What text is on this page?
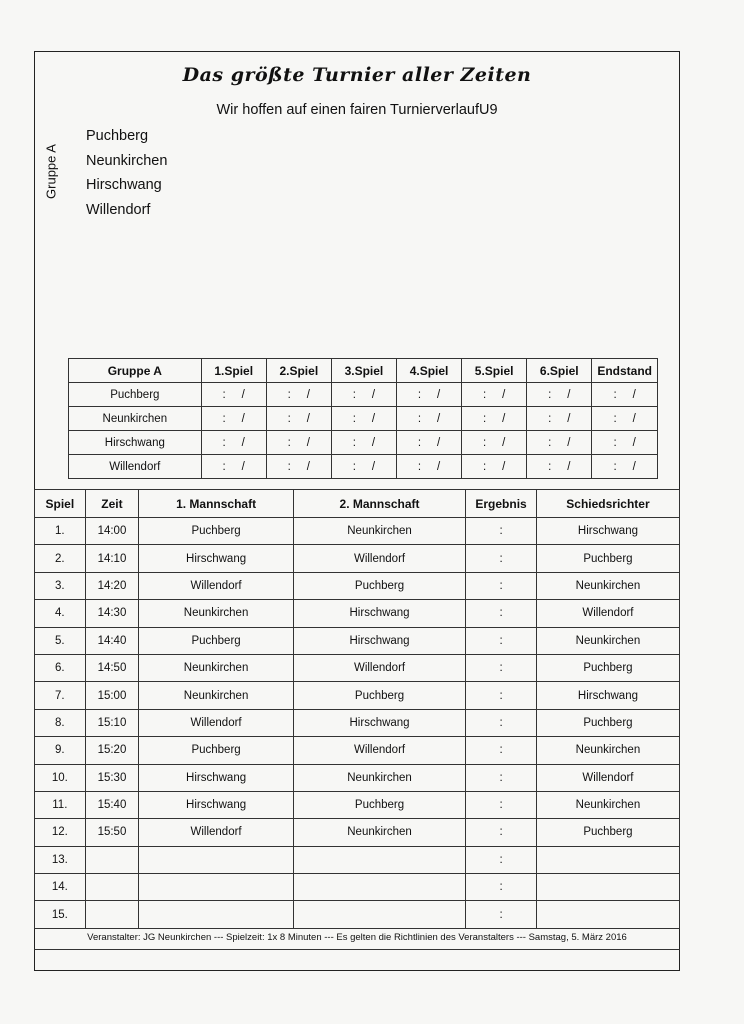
Das größte Turnier aller Zeiten
Wir hoffen auf einen fairen TurnierverlaufU9
Gruppe A
Puchberg
Neunkirchen
Hirschwang
Willendorf
Gruppe A	1.Spiel	2.Spiel	3.Spiel	4.Spiel	5.Spiel	6.Spiel	Endstand
Puchberg	:     /	:     /	:     /	:     /	:     /	:     /	:     /
Neunkirchen	:     /	:     /	:     /	:     /	:     /	:     /	:     /
Hirschwang	:     /	:     /	:     /	:     /	:     /	:     /	:     /
Willendorf	:     /	:     /	:     /	:     /	:     /	:     /	:     /
Spiel	Zeit	1. Mannschaft	2. Mannschaft	Ergebnis	Schiedsrichter
1.	14:00	Puchberg	Neunkirchen	:	Hirschwang
2.	14:10	Hirschwang	Willendorf	:	Puchberg
3.	14:20	Willendorf	Puchberg	:	Neunkirchen
4.	14:30	Neunkirchen	Hirschwang	:	Willendorf
5.	14:40	Puchberg	Hirschwang	:	Neunkirchen
6.	14:50	Neunkirchen	Willendorf	:	Puchberg
7.	15:00	Neunkirchen	Puchberg	:	Hirschwang
8.	15:10	Willendorf	Hirschwang	:	Puchberg
9.	15:20	Puchberg	Willendorf	:	Neunkirchen
10.	15:30	Hirschwang	Neunkirchen	:	Willendorf
11.	15:40	Hirschwang	Puchberg	:	Neunkirchen
12.	15:50	Willendorf	Neunkirchen	:	Puchberg
13.				:	
14.				:	
15.				:	
Veranstalter: JG Neunkirchen --- Spielzeit: 1x 8 Minuten --- Es gelten die Richtlinien des Veranstalters --- Samstag, 5. März 2016
